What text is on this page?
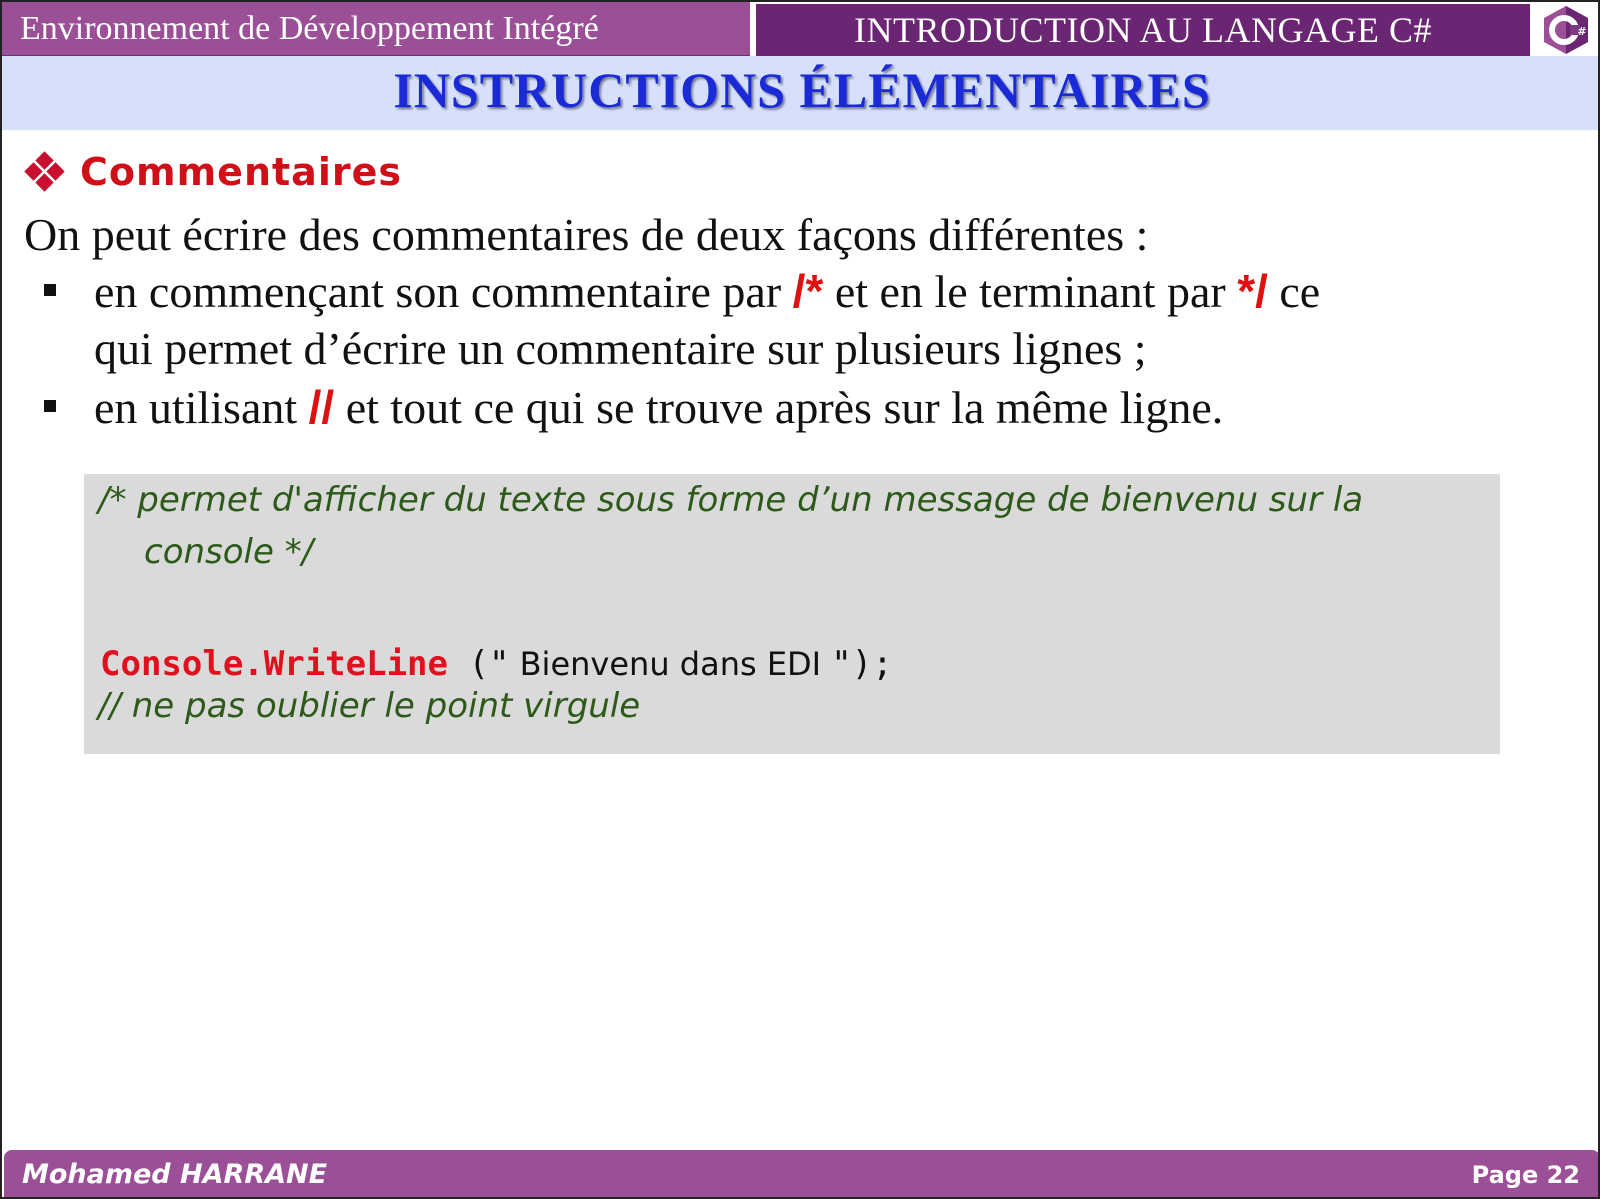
Environnement de Développement Intégré	INTRODUCTION AU LANGAGE C#	#
INSTRUCTIONS ÉLÉMENTAIRES
Commentaires
On peut écrire des commentaires de deux façons différentes :
en commençant son commentaire par /* et en le terminant par */ ce
qui permet d’écrire un commentaire sur plusieurs lignes ;
en utilisant // et tout ce qui se trouve après sur la même ligne.
/* permet d'afficher du texte sous forme d’un message de bienvenu sur la
console */
Console.WriteLine (" Bienvenu dans EDI ");
// ne pas oublier le point virgule
Mohamed HARRANE	Page 22
